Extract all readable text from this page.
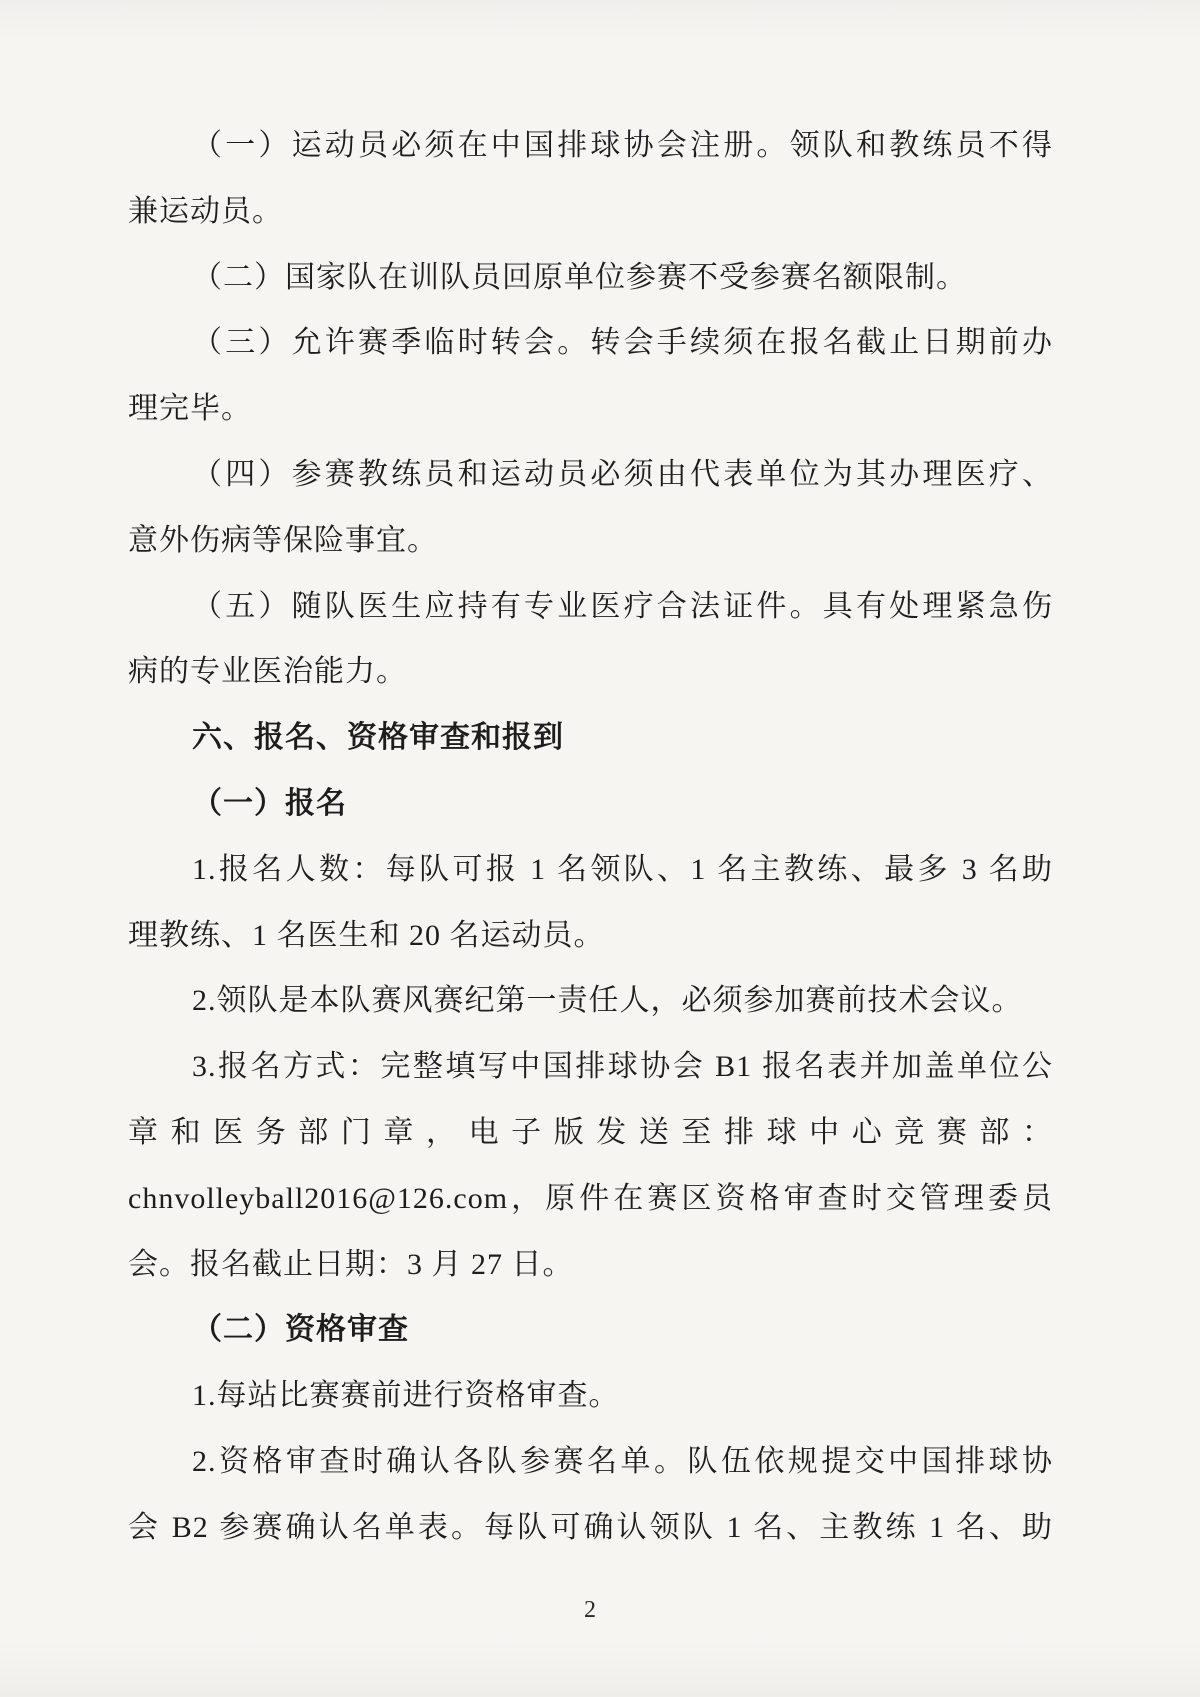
（一）运动员必须在中国排球协会注册。领队和教练员不得
兼运动员。
（二）国家队在训队员回原单位参赛不受参赛名额限制。
（三）允许赛季临时转会。转会手续须在报名截止日期前办
理完毕。
（四）参赛教练员和运动员必须由代表单位为其办理医疗、
意外伤病等保险事宜。
（五）随队医生应持有专业医疗合法证件。具有处理紧急伤
病的专业医治能力。
六、报名、资格审查和报到
（一）报名
1.报名人数：每队可报 1 名领队、1 名主教练、最多 3 名助
理教练、1 名医生和 20 名运动员。
2.领队是本队赛风赛纪第一责任人，必须参加赛前技术会议。
3.报名方式：完整填写中国排球协会 B1 报名表并加盖单位公
章和医务部门章，电子版发送至排球中心竞赛部：
chnvolleyball2016@126.com，原件在赛区资格审查时交管理委员
会。报名截止日期：3 月 27 日。
（二）资格审查
1.每站比赛赛前进行资格审查。
2.资格审查时确认各队参赛名单。队伍依规提交中国排球协
会 B2 参赛确认名单表。每队可确认领队 1 名、主教练 1 名、助
2
